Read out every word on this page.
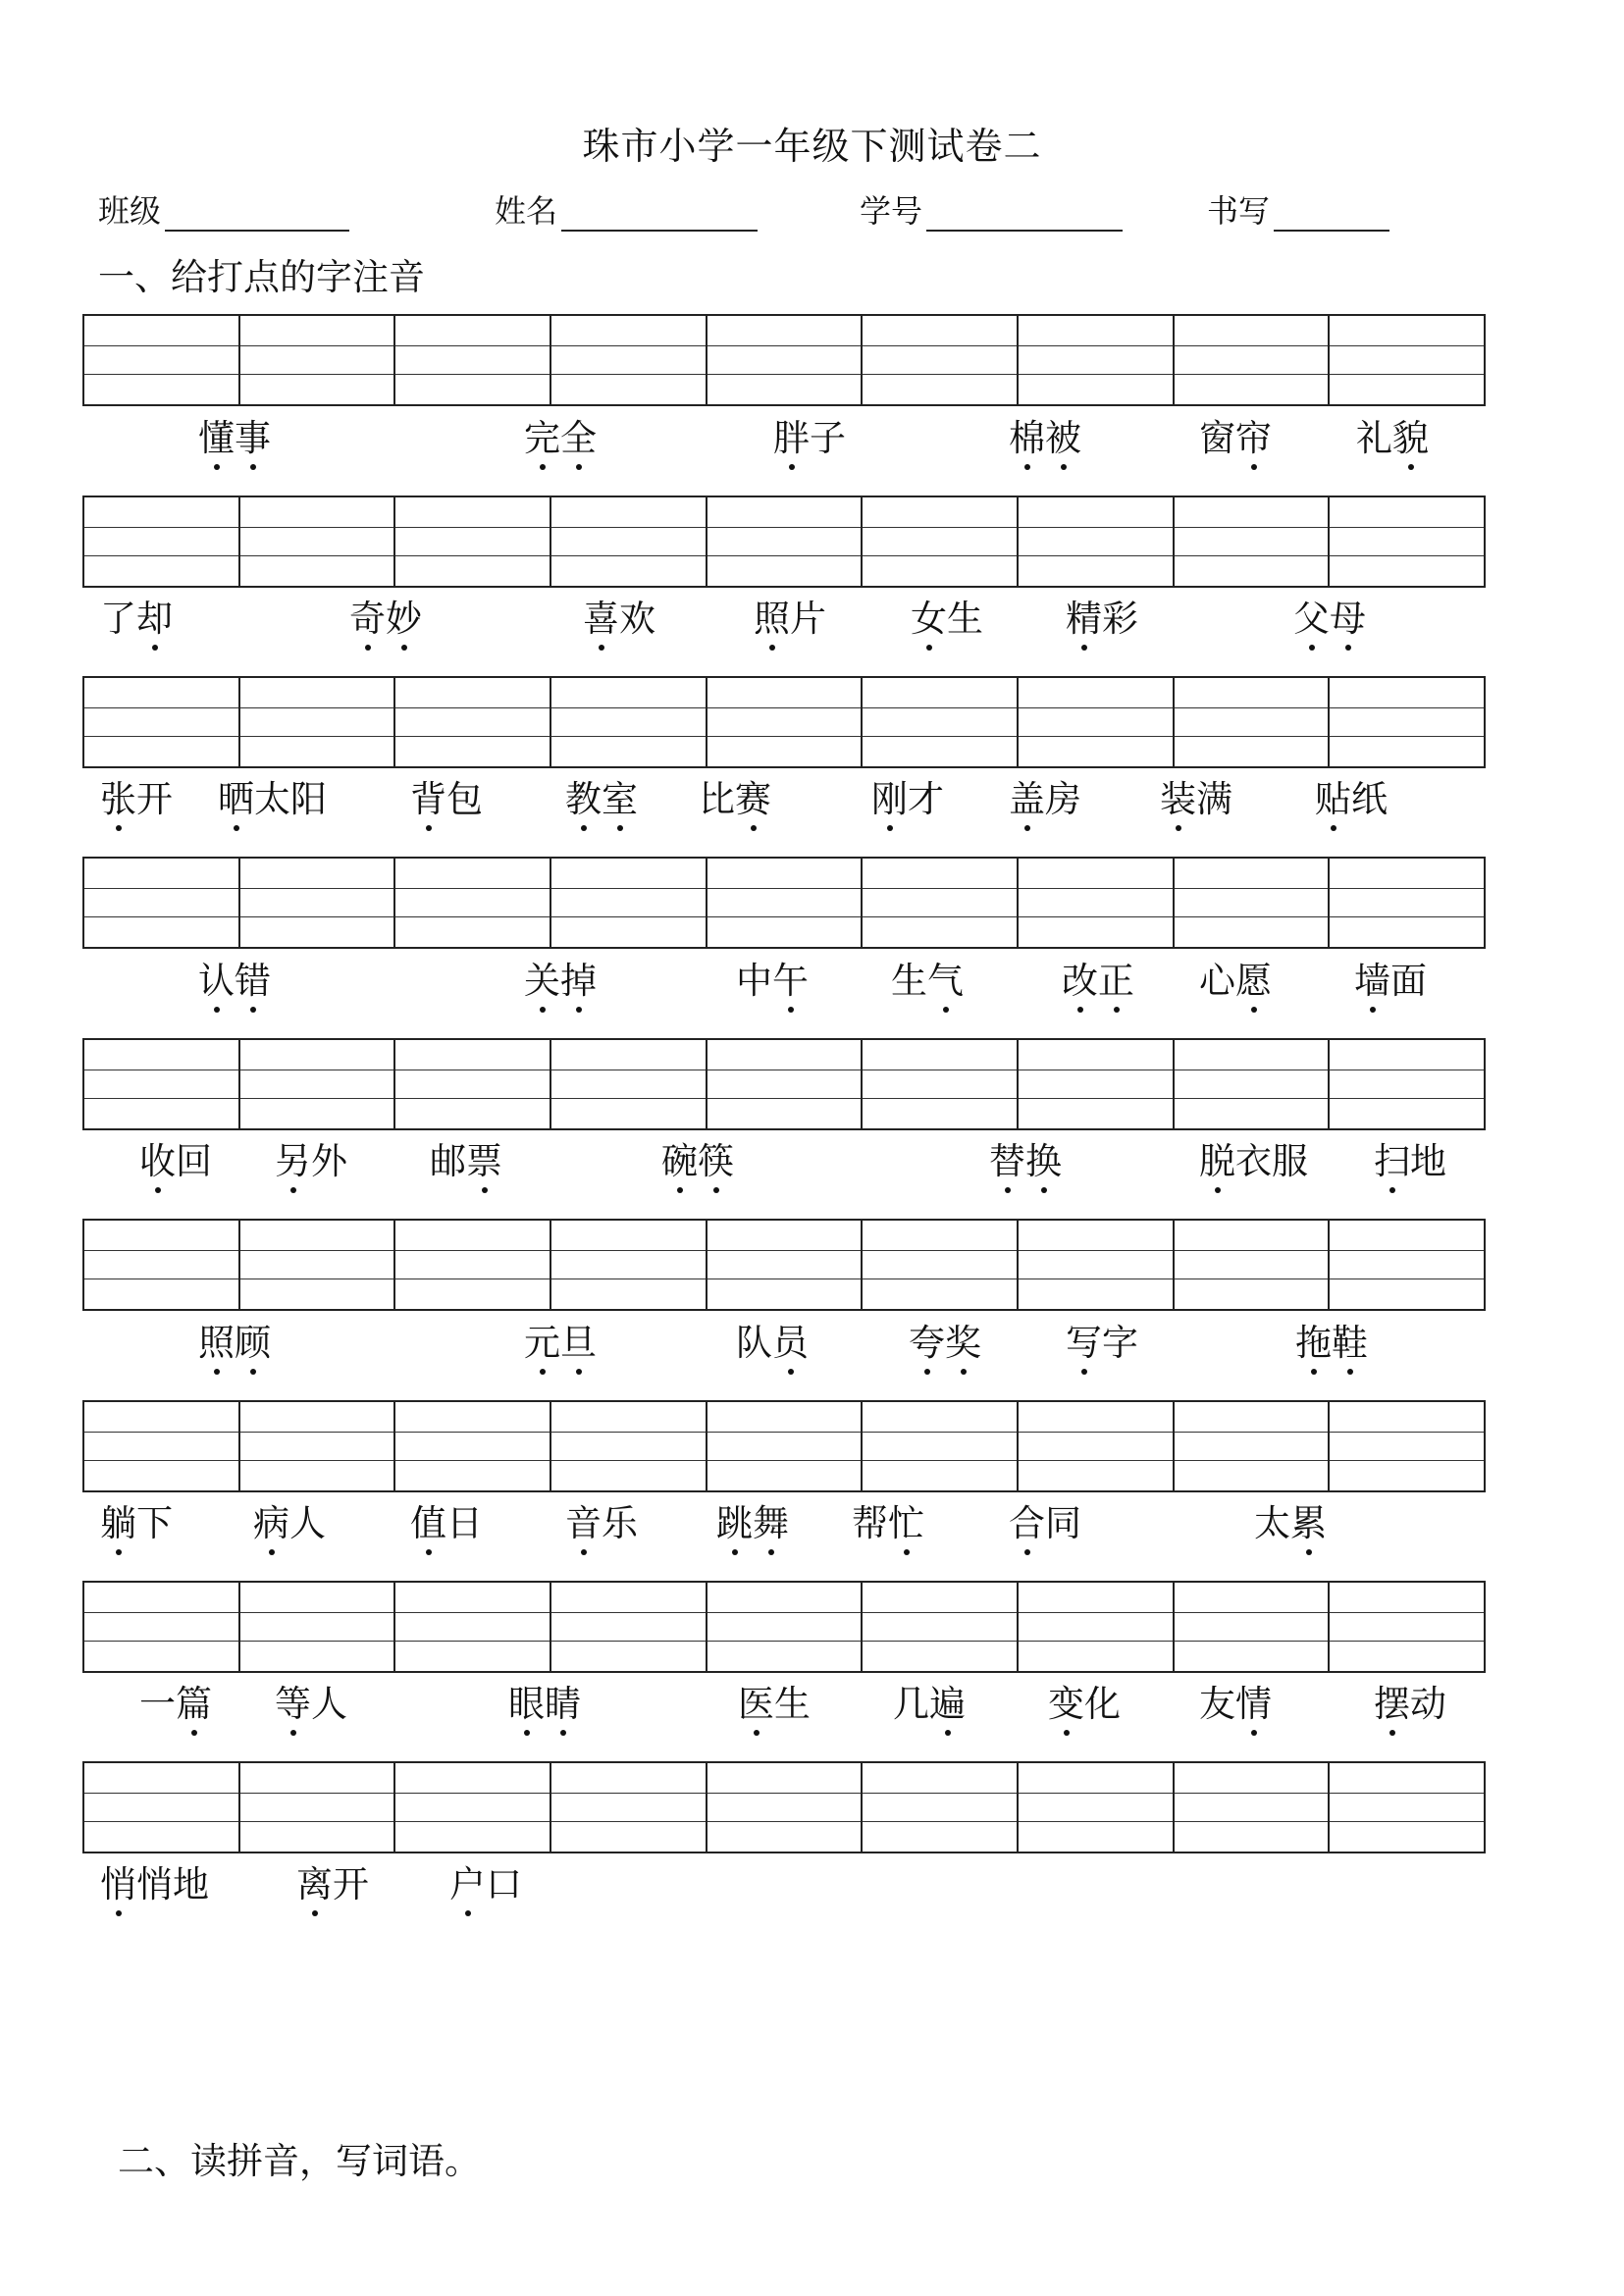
珠市小学一年级下测试卷二
班级	姓名	学号	书写
一、给打点的字注音
懂事	完全	胖子	棉被	窗帘 礼貌
了却	奇妙	喜欢	照片 女生 精彩	父母
张开 晒太阳 背包 教室 比赛	刚才 盖房 装满 贴纸
认错	关掉	中午 生气	改正 心愿 墙面
收回 另外 邮票	碗筷	替换	脱衣服 扫地
照顾	元旦	队员	夸奖 写字	拖鞋
躺下 病人 值日 音乐 跳舞 帮忙 合同	太累
一篇 等人	眼睛	医生 几遍 变化 友情	摆动
悄悄地 离开 户口
二、读拼音，写词语。
